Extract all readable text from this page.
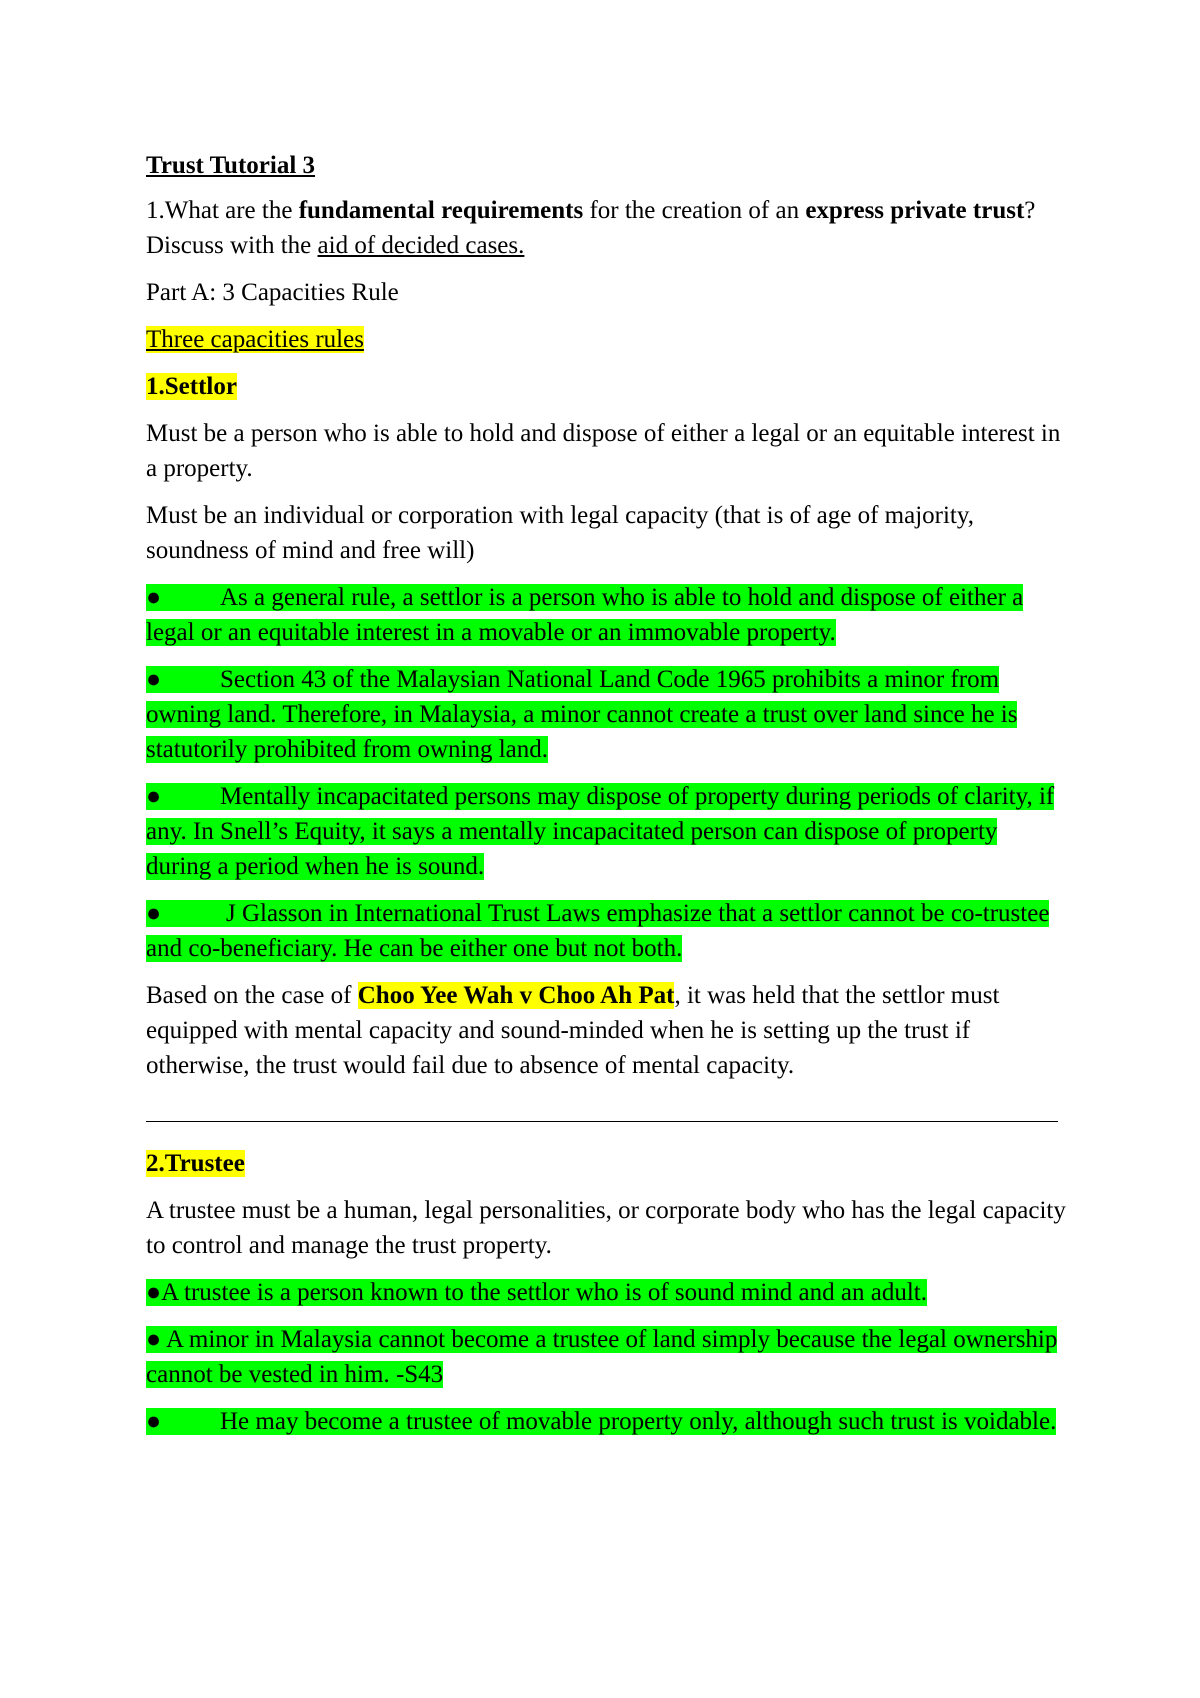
Trust Tutorial 3

1.What are the fundamental requirements for the creation of an express private trust? Discuss with the aid of decided cases.

Part A: 3 Capacities Rule

Three capacities rules

1.Settlor

Must be a person who is able to hold and dispose of either a legal or an equitable interest in a property.

Must be an individual or corporation with legal capacity (that is of age of majority, soundness of mind and free will)

● As a general rule, a settlor is a person who is able to hold and dispose of either a legal or an equitable interest in a movable or an immovable property.

● Section 43 of the Malaysian National Land Code 1965 prohibits a minor from owning land. Therefore, in Malaysia, a minor cannot create a trust over land since he is statutorily prohibited from owning land.

● Mentally incapacitated persons may dispose of property during periods of clarity, if any. In Snell’s Equity, it says a mentally incapacitated person can dispose of property during a period when he is sound.

●	J Glasson in International Trust Laws emphasize that a settlor cannot be co-trustee and co-beneficiary. He can be either one but not both.

Based on the case of Choo Yee Wah v Choo Ah Pat, it was held that the settlor must equipped with mental capacity and sound-minded when he is setting up the trust if otherwise, the trust would fail due to absence of mental capacity.

2.Trustee

A trustee must be a human, legal personalities, or corporate body who has the legal capacity to control and manage the trust property.

●A trustee is a person known to the settlor who is of sound mind and an adult.

● A minor in Malaysia cannot become a trustee of land simply because the legal ownership cannot be vested in him. -S43

● He may become a trustee of movable property only, although such trust is voidable.
